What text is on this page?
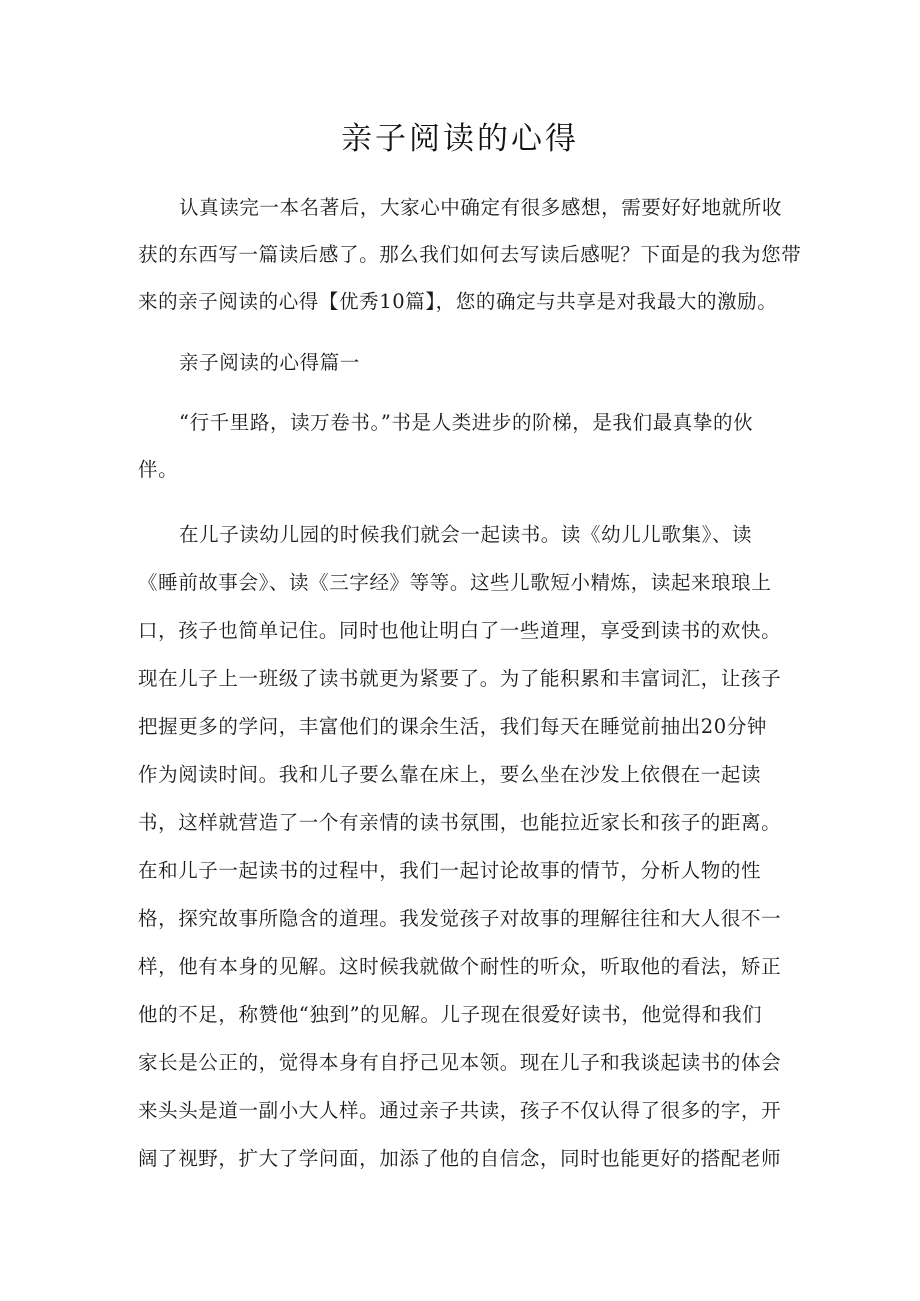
亲子阅读的心得
认真读完一本名著后，大家心中确定有很多感想，需要好好地就所收
获的东西写一篇读后感了。那么我们如何去写读后感呢？下面是的我为您带
来的亲子阅读的心得【优秀10篇】，您的确定与共享是对我最大的激励。
亲子阅读的心得篇一
“行千里路，读万卷书。”书是人类进步的阶梯，是我们最真挚的伙
伴。
在儿子读幼儿园的时候我们就会一起读书。读《幼儿儿歌集》、读
《睡前故事会》、读《三字经》等等。这些儿歌短小精炼，读起来琅琅上
口，孩子也简单记住。同时也他让明白了一些道理，享受到读书的欢快。
现在儿子上一班级了读书就更为紧要了。为了能积累和丰富词汇，让孩子
把握更多的学问，丰富他们的课余生活，我们每天在睡觉前抽出20分钟
作为阅读时间。我和儿子要么靠在床上，要么坐在沙发上依偎在一起读
书，这样就营造了一个有亲情的读书氛围，也能拉近家长和孩子的距离。
在和儿子一起读书的过程中，我们一起讨论故事的情节，分析人物的性
格，探究故事所隐含的道理。我发觉孩子对故事的理解往往和大人很不一
样，他有本身的见解。这时候我就做个耐性的听众，听取他的看法，矫正
他的不足，称赞他“独到”的见解。儿子现在很爱好读书，他觉得和我们
家长是公正的，觉得本身有自抒己见本领。现在儿子和我谈起读书的体会
来头头是道一副小大人样。通过亲子共读，孩子不仅认得了很多的字，开
阔了视野，扩大了学问面，加添了他的自信念，同时也能更好的搭配老师
